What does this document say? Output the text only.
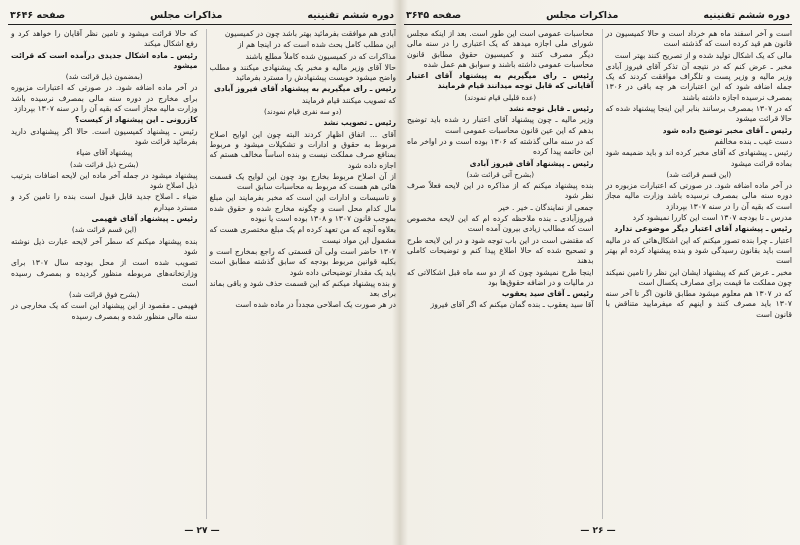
دوره ششم تقنینیه
مذاکرات مجلس
صفحه ۳۶۴۶

آبادی هم موافقت بفرمائید بهتر باشد چون در کمیسیون

این مطلب کامل بحث شده است که در اینجا هم از

مذاکرات که در کمیسیون شده کاملاً مطلع باشند

حالا آقای وزیر مالیه و مخبر یک پیشنهادی میکنند و مطلب واضح میشود خوبست پیشنهادش را مسترد بفرمائید

رئیس ـ رای میگیریم به پیشنهاد آقای فیروز آبادی

که تصویب میکنند قیام فرمایند

(دو سه نفری قیام نمودند)

رئیس ـ تصویب نشد

آقای ... اتفاق اظهار کردند البته چون این اوایح اصلاح مربوط به حقوق و ادارات و تشکیلات میشود و مربوط بمنافع صرف مملکت نیست و بنده اساساً مخالف هستم که اجازه داده شود

از آن اصلاح مربوط بخارج بود چون این لوایح یک قسمت هائی هم هست که مربوط به محاسبات سابق است

و تاسیسات و ادارات این است که مخبر بفرمایند این مبلغ مال کدام محل است و چگونه مخارج شده و حقوق شده بموجب قانون ۱۳۰۷ و ۱۳۰۸ بوده است یا نبوده

بعلاوه آنچه که من تعهد کرده ام یک مبلغ مختصری هست که مشمول این مواد نیست

۱۳۰۷ حاضر است ولی آن قسمتی که راجع بمخارج است و بکلیه قوانین مربوط بودجه که سابق گذشته مطابق است باید یک مقدار توضیحاتی داده شود

و بنده پیشنهاد میکنم که این قسمت حذف شود و باقی بماند برای بعد

در هر صورت یک اصلاحی مجدداً در ماده شده است

که حالا قرائت میشود و تامین نظر آقایان را خواهد کرد و رفع اشکال میکند

رئیس ـ ماده اشکال جدیدی درآمده است که قرائت میشود

(بمضمون ذیل قرائت شد)

در آخر ماده اضافه شود. در صورتی که اعتبارات مزبوره برای مخارج در دوره سنه مالی بمصرف نرسیده باشد وزارت مالیه مجاز است که بقیه آن را در سنه ۱۳۰۷ بپردازد

کازرونی ـ این پیشنهاد از کیست؟

رئیس ـ پیشنهاد کمیسیون است. حالا اگر پیشنهادی دارید بفرمائید قرائت شود

پیشنهاد آقای ضیاء

(بشرح ذیل قرائت شد)

پیشنهاد میشود در جمله آخر ماده این لایحه اضافات بترتیب ذیل اصلاح شود

ضیاء ـ اصلاح جدید قابل قبول است بنده را تامین کرد و مسترد میدارم

رئیس ـ پیشنهاد آقای فهیمی

(این قسم قرائت شد)

بنده پیشنهاد میکنم که سطر آخر لایحه عبارت ذیل نوشته شود

تصویب شده است از محل بودجه سال ۱۳۰۷ برای وزارتخانه‌های مربوطه منظور گردیده و بمصرف رسیده است

(بشرح فوق قرائت شد)

فهیمی ـ مقصود از این پیشنهاد این است که یک مخارجی در سنه مالی منظور شده و بمصرف رسیده

— ۲۷ —
دوره ششم تقنینیه
مذاکرات مجلس
صفحه ۳۶۴۵

است و آخر اسفند ماه هم خرداد است و حالا کمیسیون در قانون هم قید کرده است که گذشته است

مالی که یک اشکال تولید شده و از تصریح کنند بهتر است

مخبر ـ عرض کنم که در نتیجه آن تذکر آقای فیروز آبادی وزیر مالیه و وزیر پست و تلگراف موافقت کردند که یک جمله اضافه شود که این اعتبارات هر چه باقی در ۱۳۰۶ بمصرف نرسیده اجازه داشته باشند

که در ۱۳۰۷ بمصرف برسانند بنابر این اینجا پیشنهاد شده که حالا قرائت میشود

رئیس ـ آقای مخبر توضیح داده شود

دست غیب ـ بنده مخالفم

رئیس ـ پیشنهادی که آقای مخبر کرده اند و باید ضمیمه شود بماده قرائت میشود

(این قسم قرائت شد)

در آخر ماده اضافه شود. در صورتی که اعتبارات مزبوره در دوره سنه مالی بمصرف نرسیده باشد وزارت مالیه مجاز است که بقیه آن را در سنه ۱۳۰۷ بپردازد

مدرس ـ تا بودجه ۱۳۰۷ است این کاررا نمیشود کرد

رئیس ـ پیشنهاد آقای اعتبار دیگر موضوعی ندارد

اعتبار ـ چرا بنده تصور میکنم که این اشکال‌هائی که در مالیه است باید بقانون رسیدگی شود و بنده پیشنهاد کرده ام بهتر است

مخبر ـ عرض کنم که پیشنهاد ایشان این نظر را تامین نمیکند چون مملکت ما قیمت برای مصارف یکسال است

که در ۱۳۰۷ هم معلوم میشود مطابق قانون اگر تا آخر سنه ۱۳۰۷ باید مصرف کنند و اینهم که میفرمایید متناقض با قانون است

محاسبات عمومی است این طور است. بعد از اینکه مجلس شورای ملی اجازه میدهد که یک اعتباری را در سنه مالی دیگر مصرف کنند و کمیسیون حقوق مطابق قانون محاسبات عمومی داشته باشند و سوابق هم عمل شده

رئیس ـ رای میگیریم به پیشنهاد آقای اعتبار آقایانی که قابل توجه میدانند قیام فرمایند

(عده قلیلی قیام نمودند)

رئیس ـ قابل توجه نشد

وزیر مالیه ـ چون پیشنهاد آقای اعتبار رد شده باید توضیح بدهم که این عین قانون محاسبات عمومی است

که در سنه مالی گذشته که ۱۳۰۶ بوده است و در اواخر ماه این خاتمه پیدا کرده

رئیس ـ پیشنهاد آقای فیروز آبادی

(بشرح آتی قرائت شد)

بنده پیشنهاد میکنم که از مذاکره در این لایحه فعلاً صرف نظر شود

جمعی از نمایندگان ـ خیر . خیر

فیروزآبادی ـ بنده ملاحظه کرده ام که این لایحه مخصوص است که مطالب زیادی بیرون آمده است

که مقتضی است در این باب توجه شود و در این لایحه طرح و تصحیح شده که حالا اطلاع پیدا کنم و توضیحات کاملی بدهند

اینجا طرح نمیشود چون که از دو سه ماه قبل اشکالاتی که در مالیات و در اضافه حقوق‌ها بود

رئیس ـ آقای سید یعقوب

آقا سید یعقوب ـ بنده گمان میکنم که اگر آقای فیروز

— ۲۶ —
